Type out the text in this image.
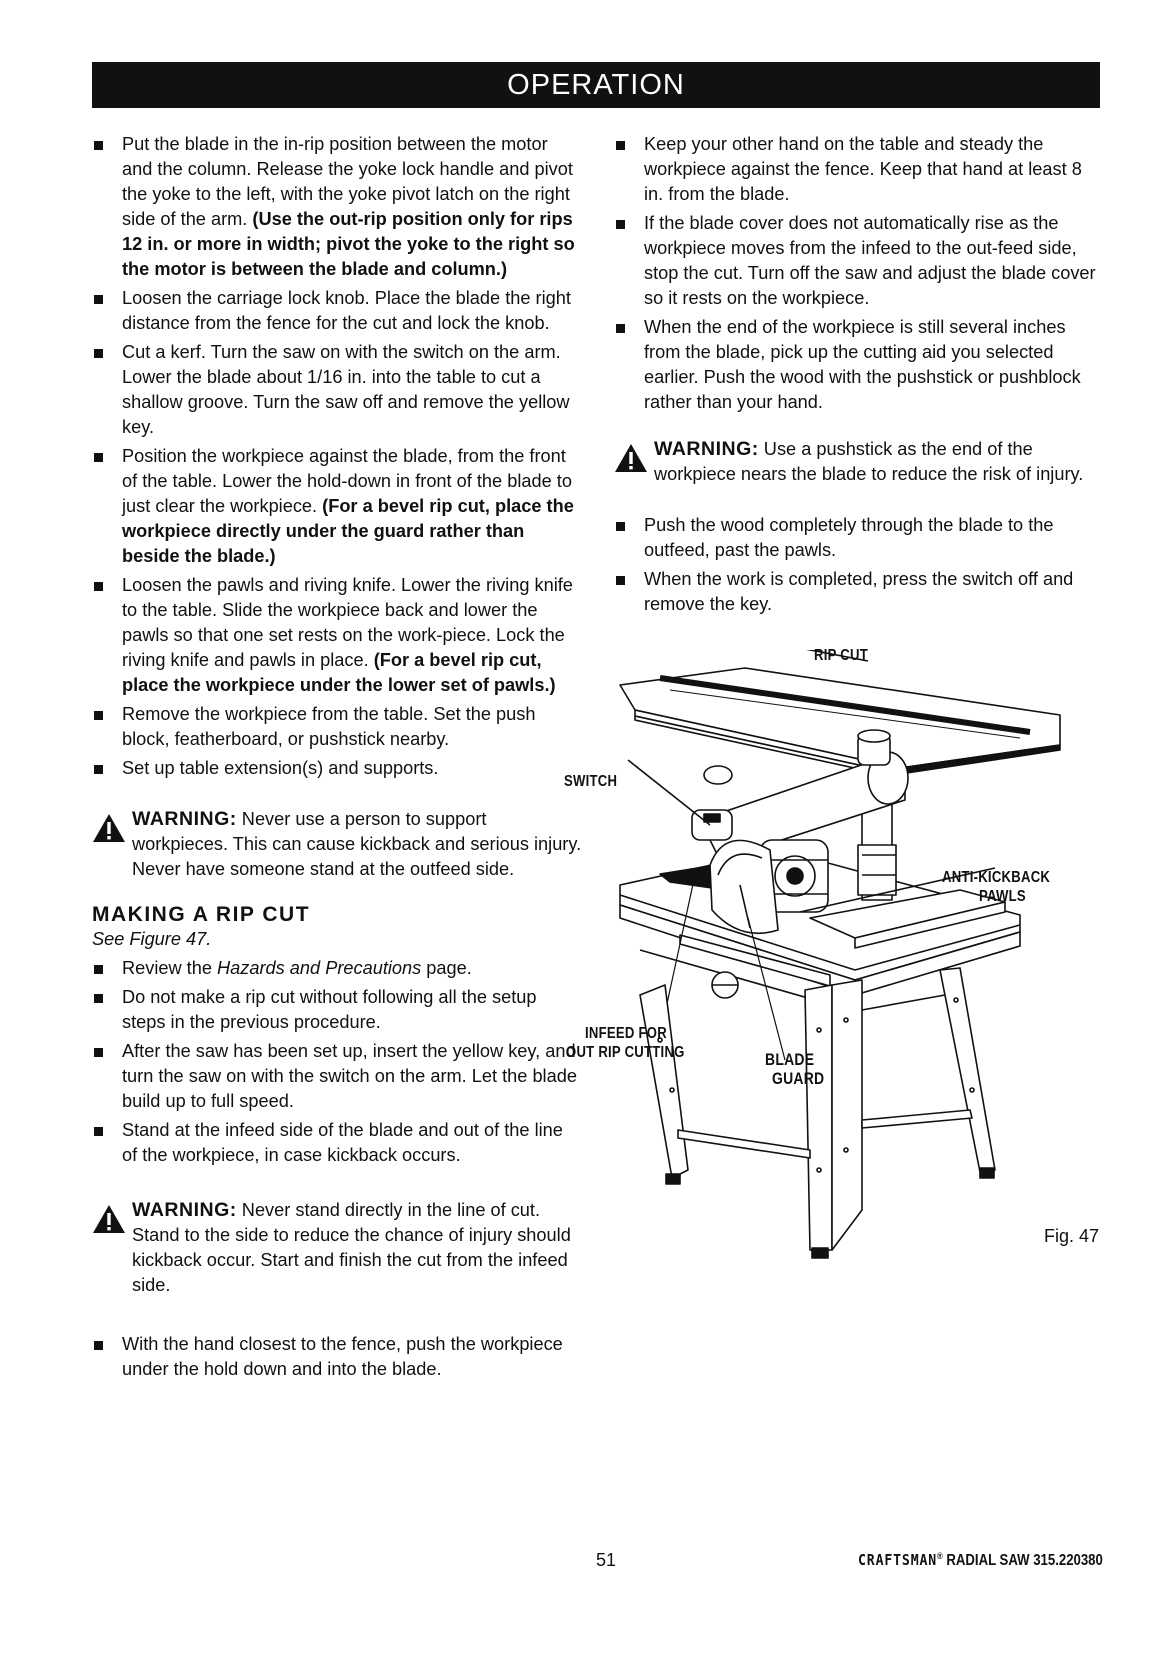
OPERATION
Put the blade in the in-rip position between the motor and the column. Release the yoke lock handle and pivot the yoke to the left, with the yoke pivot latch on the right side of the arm. (Use the out-rip position only for rips 12 in. or more in width; pivot the yoke to the right so the motor is between the blade and column.)
Loosen the carriage lock knob. Place the blade the right distance from the fence for the cut and lock the knob.
Cut a kerf. Turn the saw on with the switch on the arm. Lower the blade about 1/16 in. into the table to cut a shallow groove. Turn the saw off and remove the yellow key.
Position the workpiece against the blade, from the front of the table. Lower the hold-down in front of the blade to just clear the workpiece. (For a bevel rip cut, place the workpiece directly under the guard rather than beside the blade.)
Loosen the pawls and riving knife. Lower the riving knife to the table. Slide the workpiece back and lower the pawls so that one set rests on the work-piece. Lock the riving knife and pawls in place. (For a bevel rip cut, place the workpiece under the lower set of pawls.)
Remove the workpiece from the table. Set the push block, featherboard, or pushstick nearby.
Set up table extension(s) and supports.
WARNING: Never use a person to support workpieces. This can cause kickback and serious injury. Never have someone stand at the outfeed side.
MAKING A RIP CUT
See Figure 47.
Review the Hazards and Precautions page.
Do not make a rip cut without following all the setup steps in the previous procedure.
After the saw has been set up, insert the yellow key, and turn the saw on with the switch on the arm. Let the blade build up to full speed.
Stand at the infeed side of the blade and out of the line of the workpiece, in case kickback occurs.
WARNING: Never stand directly in the line of cut. Stand to the side to reduce the chance of injury should kickback occur. Start and finish the cut from the infeed side.
With the hand closest to the fence, push the workpiece under the hold down and into the blade.
Keep your other hand on the table and steady the workpiece against the fence. Keep that hand at least 8 in. from the blade.
If the blade cover does not automatically rise as the workpiece moves from the infeed to the out-feed side, stop the cut. Turn off the saw and adjust the blade cover so it rests on the workpiece.
When the end of the workpiece is still several inches from the blade, pick up the cutting aid you selected earlier. Push the wood with the pushstick or pushblock rather than your hand.
WARNING: Use a pushstick as the end of the workpiece nears the blade to reduce the risk of injury.
Push the wood completely through the blade to the outfeed, past the pawls.
When the work is completed, press the switch off and remove the key.
RIP CUT
SWITCH
ANTI-KICKBACK
PAWLS
INFEED FOR
OUT RIP CUTTING	BLADE
GUARD
Fig. 47
51	CRAFTSMAN® RADIAL SAW 315.220380
